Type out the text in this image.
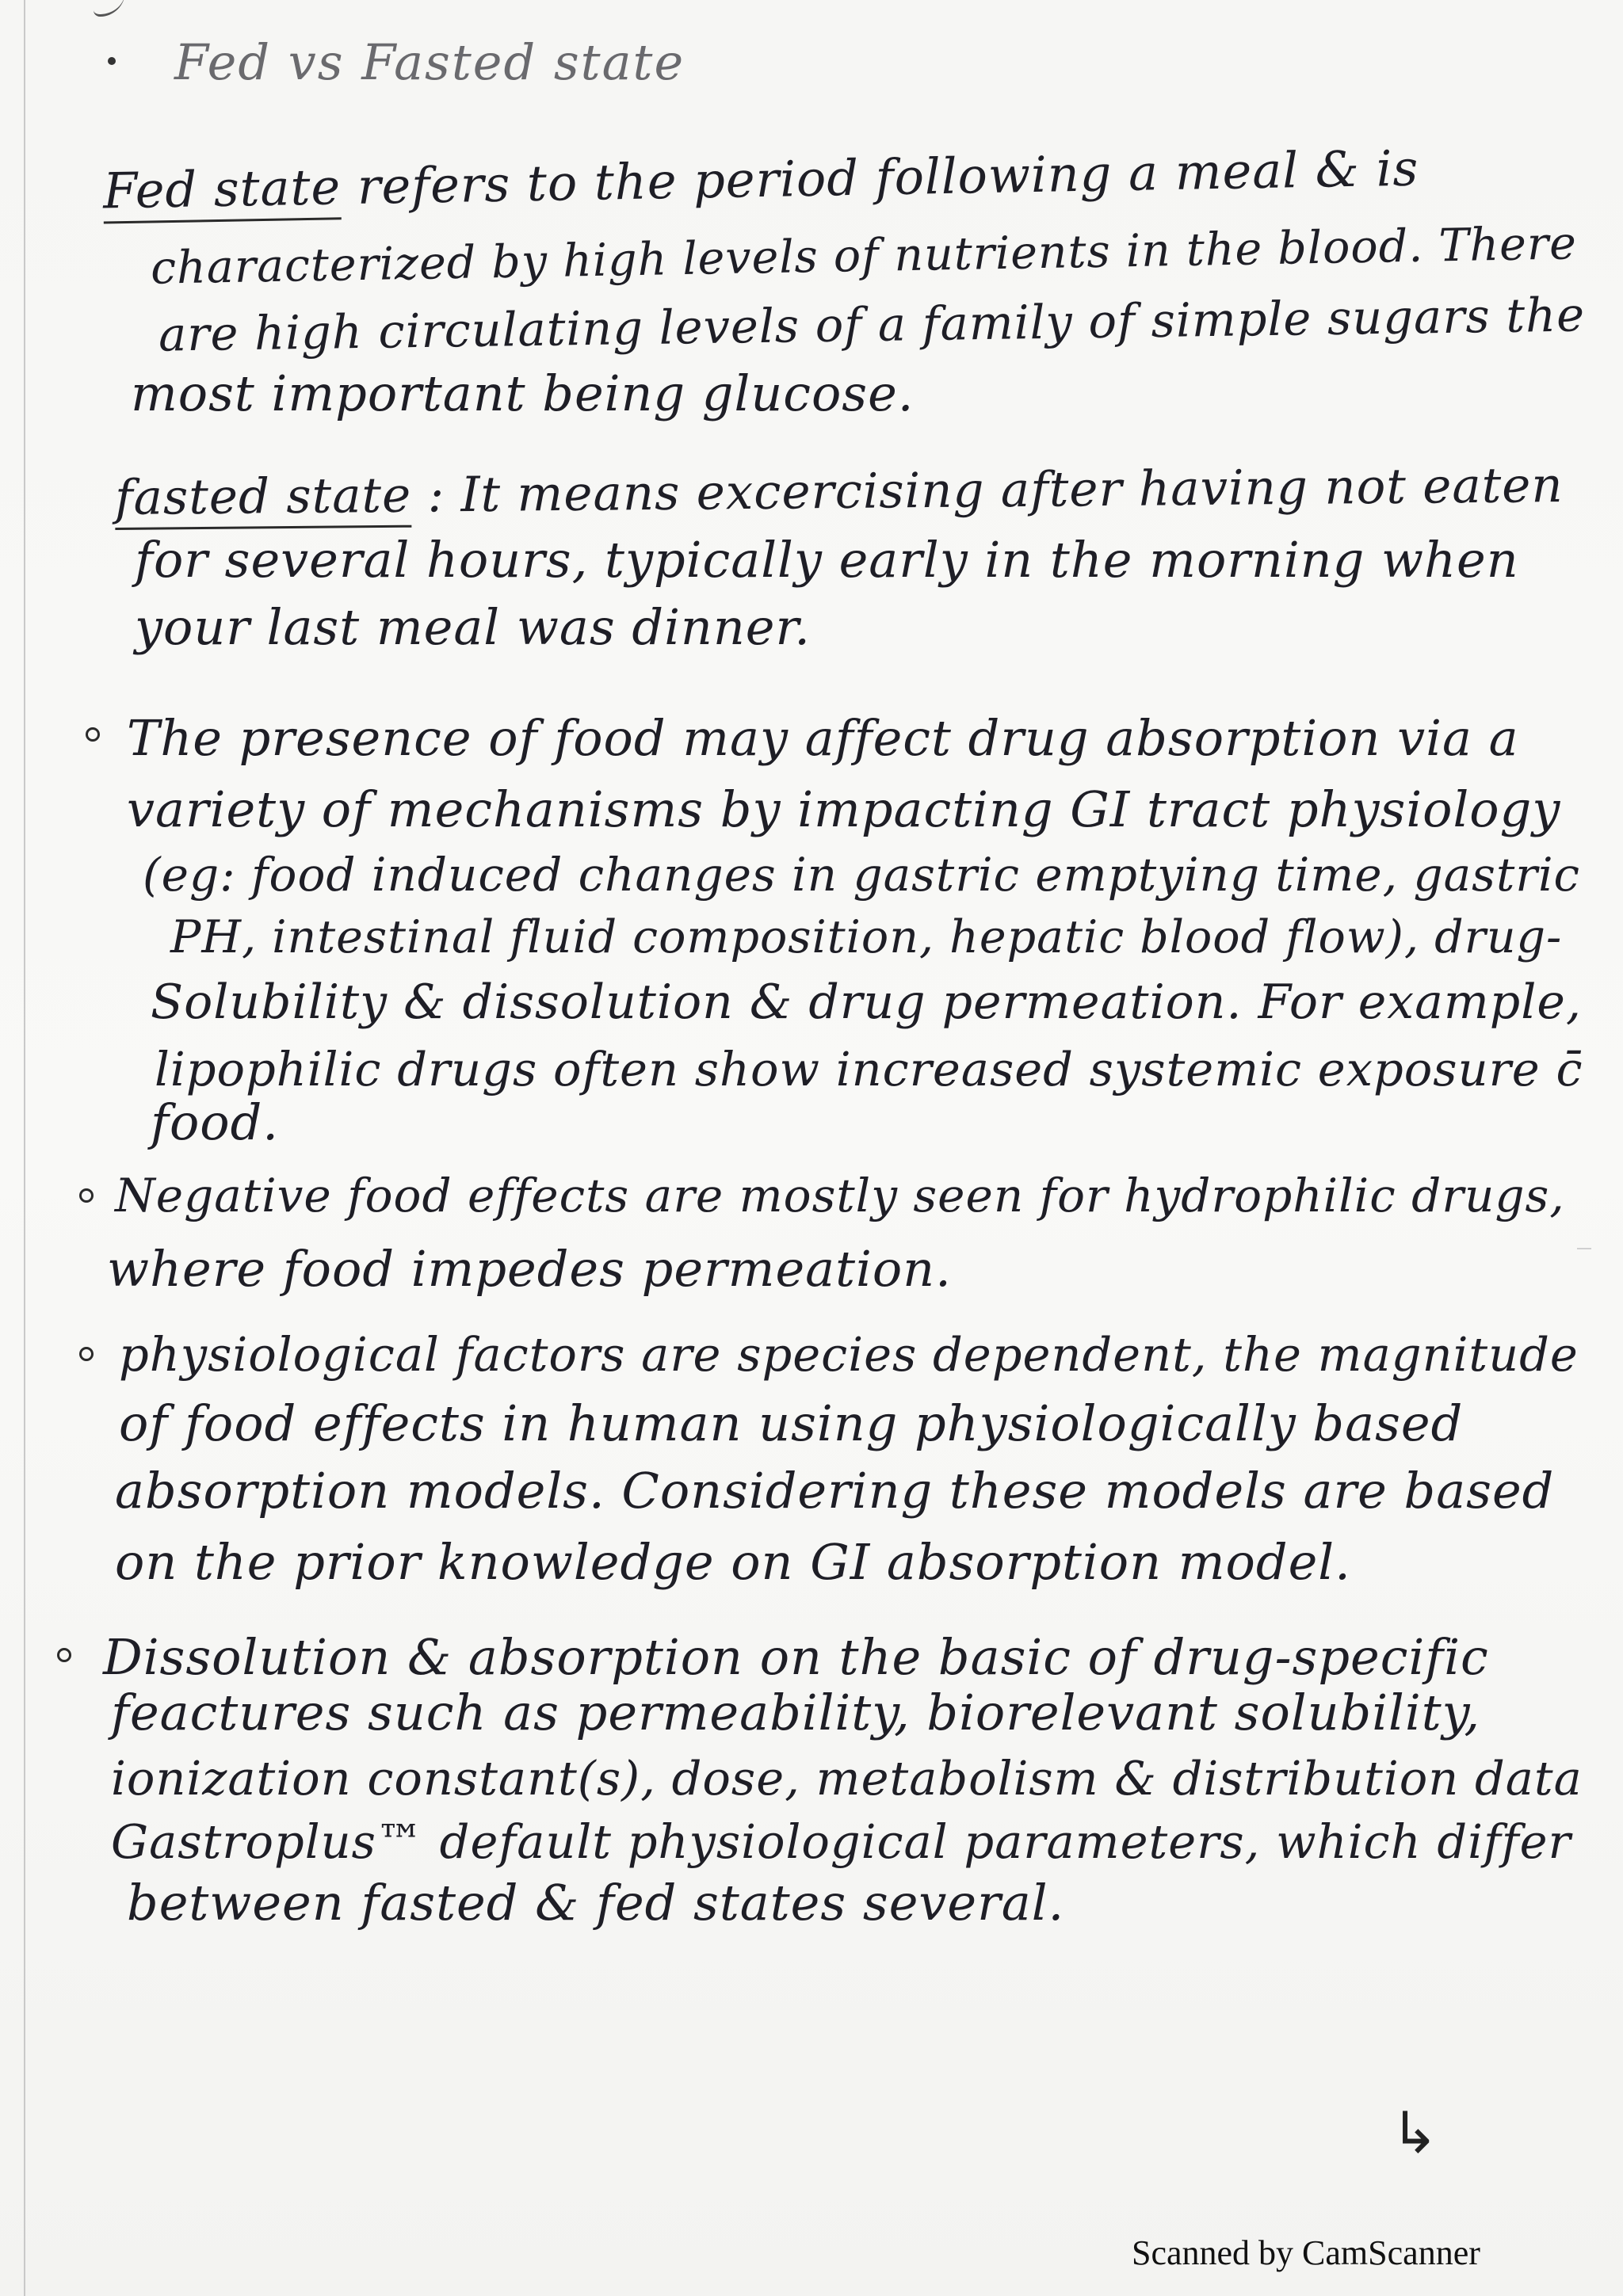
Fed vs Fasted state
Fed state refers to the period following a meal & is
characterized by high levels of nutrients in the blood. There
are high circulating levels of a family of simple sugars the
most important being glucose.
fasted state : It means excercising after having not eaten
for several hours, typically early in the morning when
your last meal was dinner.
The presence of food may affect drug absorption via a
variety of mechanisms by impacting GI tract physiology
(eg: food induced changes in gastric emptying time, gastric
PH, intestinal fluid composition, hepatic blood flow), drug-
Solubility & dissolution & drug permeation. For example,
lipophilic drugs often show increased systemic exposure c̄
food.
Negative food effects are mostly seen for hydrophilic drugs,
where food impedes permeation.
physiological factors are species dependent, the magnitude
of food effects in human using physiologically based
absorption models. Considering these models are based
on the prior knowledge on GI absorption model.
Dissolution & absorption on the basic of drug-specific
feactures such as permeability, biorelevant solubility,
ionization constant(s), dose, metabolism & distribution data
Gastroplus™ default physiological parameters, which differ
between fasted & fed states several.
↳
Scanned by CamScanner
